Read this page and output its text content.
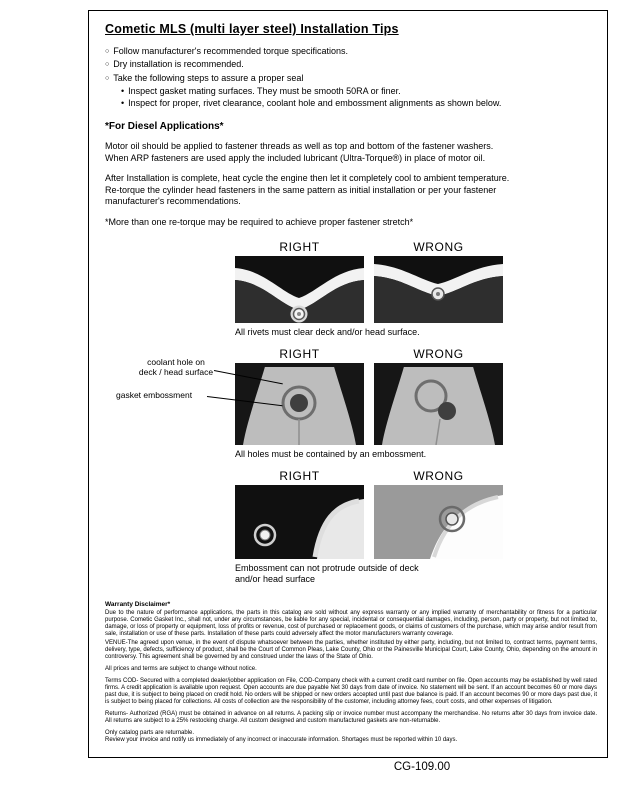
Cometic MLS (multi layer steel) Installation Tips
○ Follow manufacturer's recommended torque specifications.
○ Dry installation is recommended.
○ Take the following steps to assure a proper seal
• Inspect gasket mating surfaces. They must be smooth 50RA or finer.
• Inspect for proper, rivet clearance, coolant hole and embossment alignments as shown below.
*For Diesel Applications*
Motor oil should be applied to fastener threads as well as top and bottom of the fastener washers. When ARP fasteners are used apply the included lubricant (Ultra-Torque®) in place of motor oil.
After Installation is complete, heat cycle the engine then let it completely cool to ambient temperature. Re-torque the cylinder head fasteners in the same pattern as initial installation or per your fastener manufacturer's recommendations.
*More than one re-torque may be required to achieve proper fastener stretch*
RIGHT	WRONG
All rivets must clear deck and/or head surface.
RIGHT	WRONG
coolant hole on
deck / head surface
gasket embossment
All holes must be contained by an embossment.
RIGHT	WRONG
Embossment can not protrude outside of deck
and/or head surface
Warranty Disclaimer*
Due to the nature of performance applications, the parts in this catalog are sold without any express warranty or any implied warranty of merchantability or fitness for a particular purpose. Cometic Gasket Inc., shall not, under any circumstances, be liable for any special, incidental or consequential damages, including, person, party or property, but not limited to, damage, or loss of property or equipment, loss of profits or revenue, cost of purchased or replacement goods, or claims of customers of the purchase, which may arise and/or result from sale, installation or use of these parts. Installation of these parts could adversely affect the motor manufacturers warranty coverage.
VENUE-The agreed upon venue, in the event of dispute whatsoever between the parties, whether instituted by either party, including, but not limited to, contract terms, payment terms, delivery, type, defects, sufficiency of product, shall be the Court of Common Pleas, Lake County, Ohio or the Painesville Municipal Court, Lake County, Ohio, depending on the amount in controversy. This agreement shall be governed by and construed under the laws of the State of Ohio.
All prices and terms are subject to change without notice.
Terms COD- Secured with a completed dealer/jobber application on File, COD-Company check with a current credit card number on file. Open accounts may be established by well rated firms. A credit application is available upon request. Open accounts are due payable Net 30 days from date of invoice. No statement will be sent. If an account becomes 60 or more days past due, it is subject to being placed on credit hold. No orders will be shipped or new orders accepted until past due balance is paid. If an account becomes 90 or more days past due, it is subject to being placed for collections. All costs of collection are the responsibility of the customer, including attorney fees, court costs, and other expenses of litigation.
Returns- Authorized (RGA) must be obtained in advance on all returns. A packing slip or invoice number must accompany the merchandise. No returns after 30 days from invoice date. All returns are subject to a 25% restocking charge. All custom designed and custom manufactured gaskets are non-returnable.
Only catalog parts are returnable.
Review your invoice and notify us immediately of any incorrect or inaccurate information. Shortages must be reported within 10 days.
CG-109.00
